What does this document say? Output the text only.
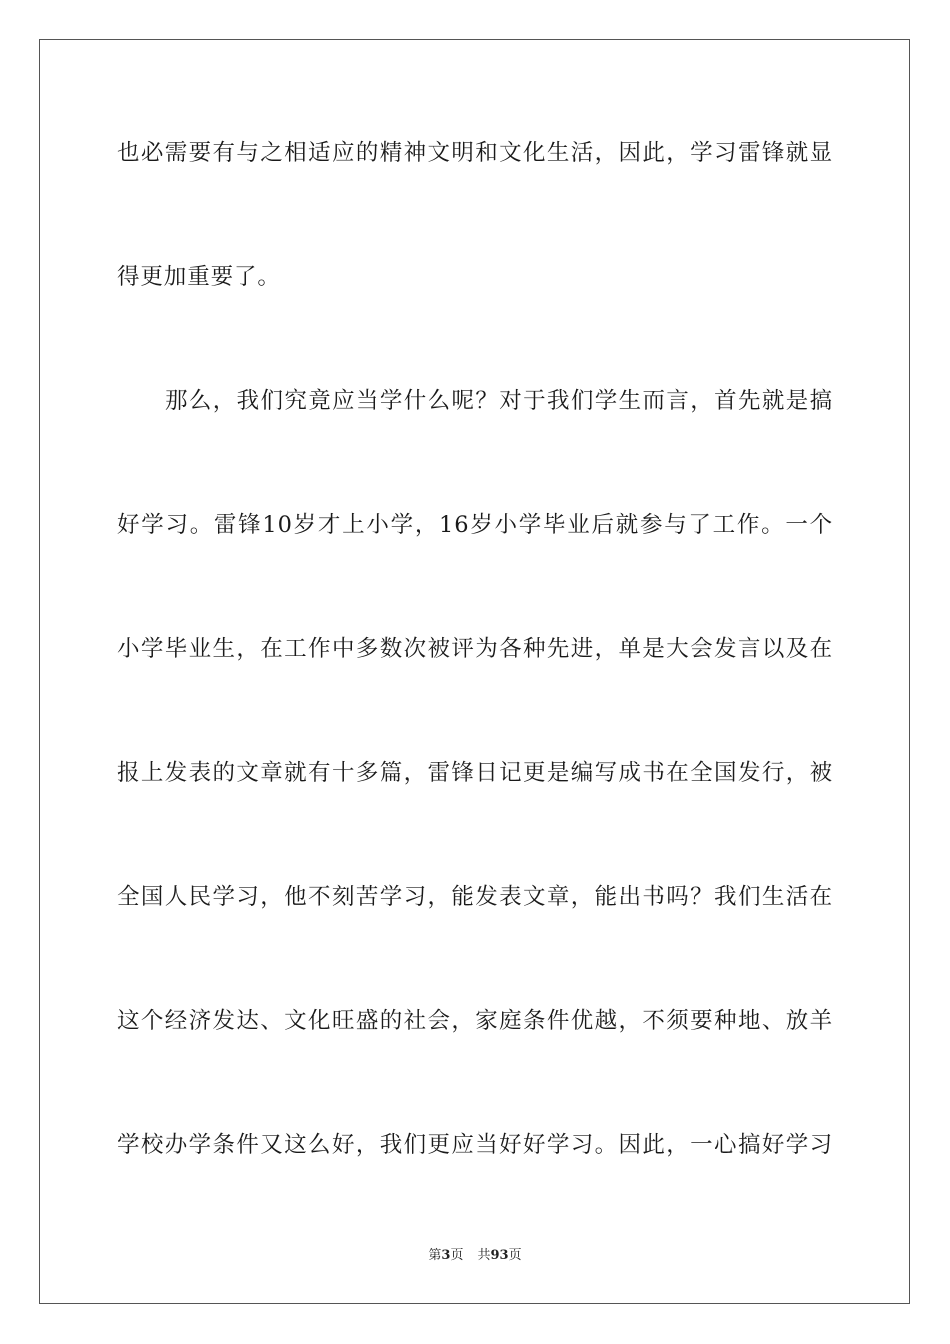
也必需要有与之相适应的精神文明和文化生活，因此，学习雷锋就显
得更加重要了。
那么，我们究竟应当学什么呢？对于我们学生而言，首先就是搞
好学习。雷锋10岁才上小学，16岁小学毕业后就参与了工作。一个
小学毕业生，在工作中多数次被评为各种先进，单是大会发言以及在
报上发表的文章就有十多篇，雷锋日记更是编写成书在全国发行，被
全国人民学习，他不刻苦学习，能发表文章，能出书吗？我们生活在
这个经济发达、文化旺盛的社会，家庭条件优越，不须要种地、放羊
学校办学条件又这么好，我们更应当好好学习。因此，一心搞好学习
第3页 共93页
